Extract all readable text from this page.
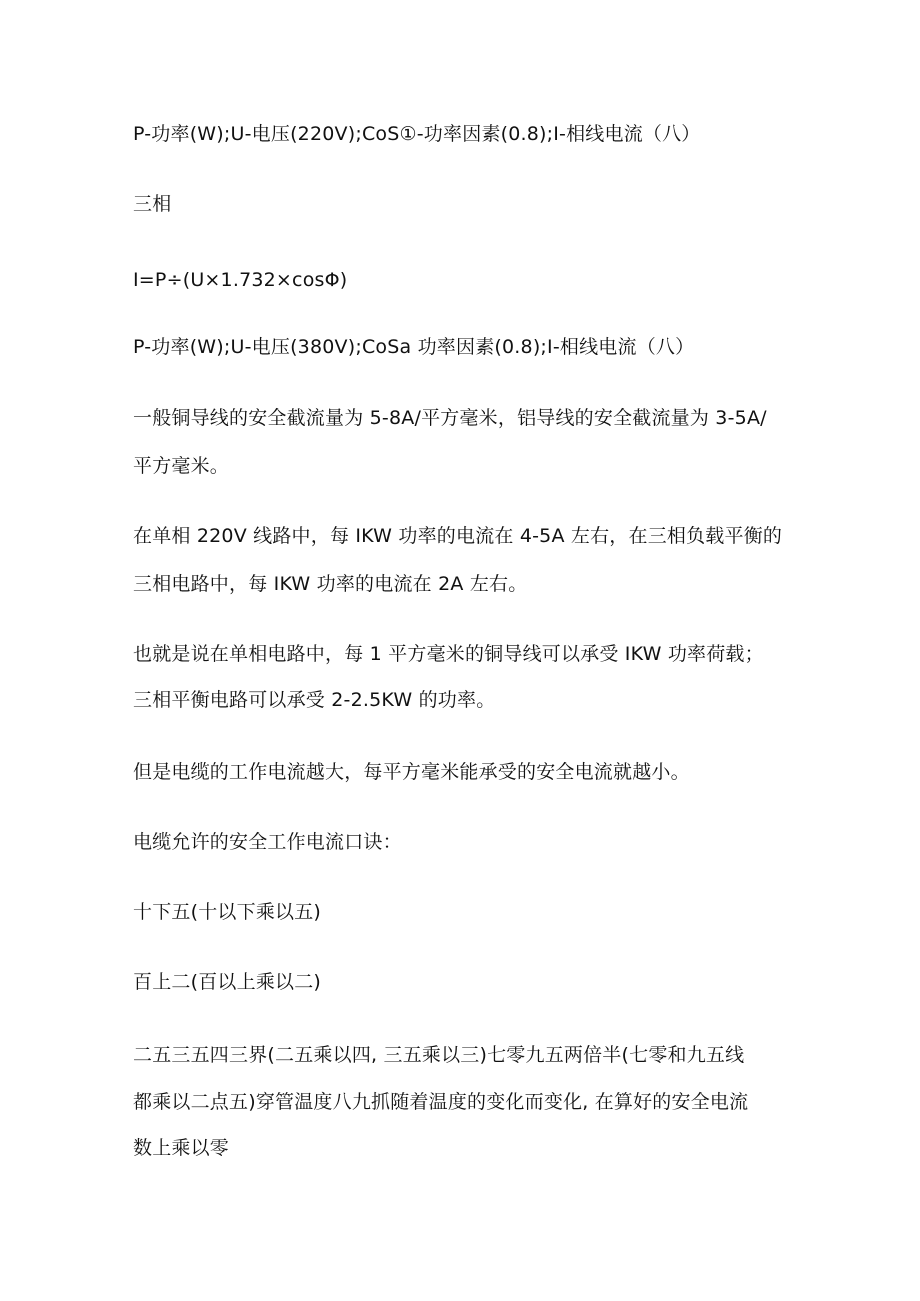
P-功率(W);U-电压(220V);CoS①-功率因素(0.8);I-相线电流（八）
三相
I=P÷(U×1.732×cosΦ)
P-功率(W);U-电压(380V);CoSa 功率因素(0.8);I-相线电流（八）
一般铜导线的安全截流量为 5-8A/平方毫米，铝导线的安全截流量为 3-5A/
平方毫米。
在单相 220V 线路中，每 IKW 功率的电流在 4-5A 左右，在三相负载平衡的
三相电路中，每 IKW 功率的电流在 2A 左右。
也就是说在单相电路中，每 1 平方毫米的铜导线可以承受 IKW 功率荷载；
三相平衡电路可以承受 2-2.5KW 的功率。
但是电缆的工作电流越大，每平方毫米能承受的安全电流就越小。
电缆允许的安全工作电流口诀：
十下五(十以下乘以五)
百上二(百以上乘以二)
二五三五四三界(二五乘以四, 三五乘以三)七零九五两倍半(七零和九五线
都乘以二点五)穿管温度八九抓随着温度的变化而变化, 在算好的安全电流
数上乘以零
